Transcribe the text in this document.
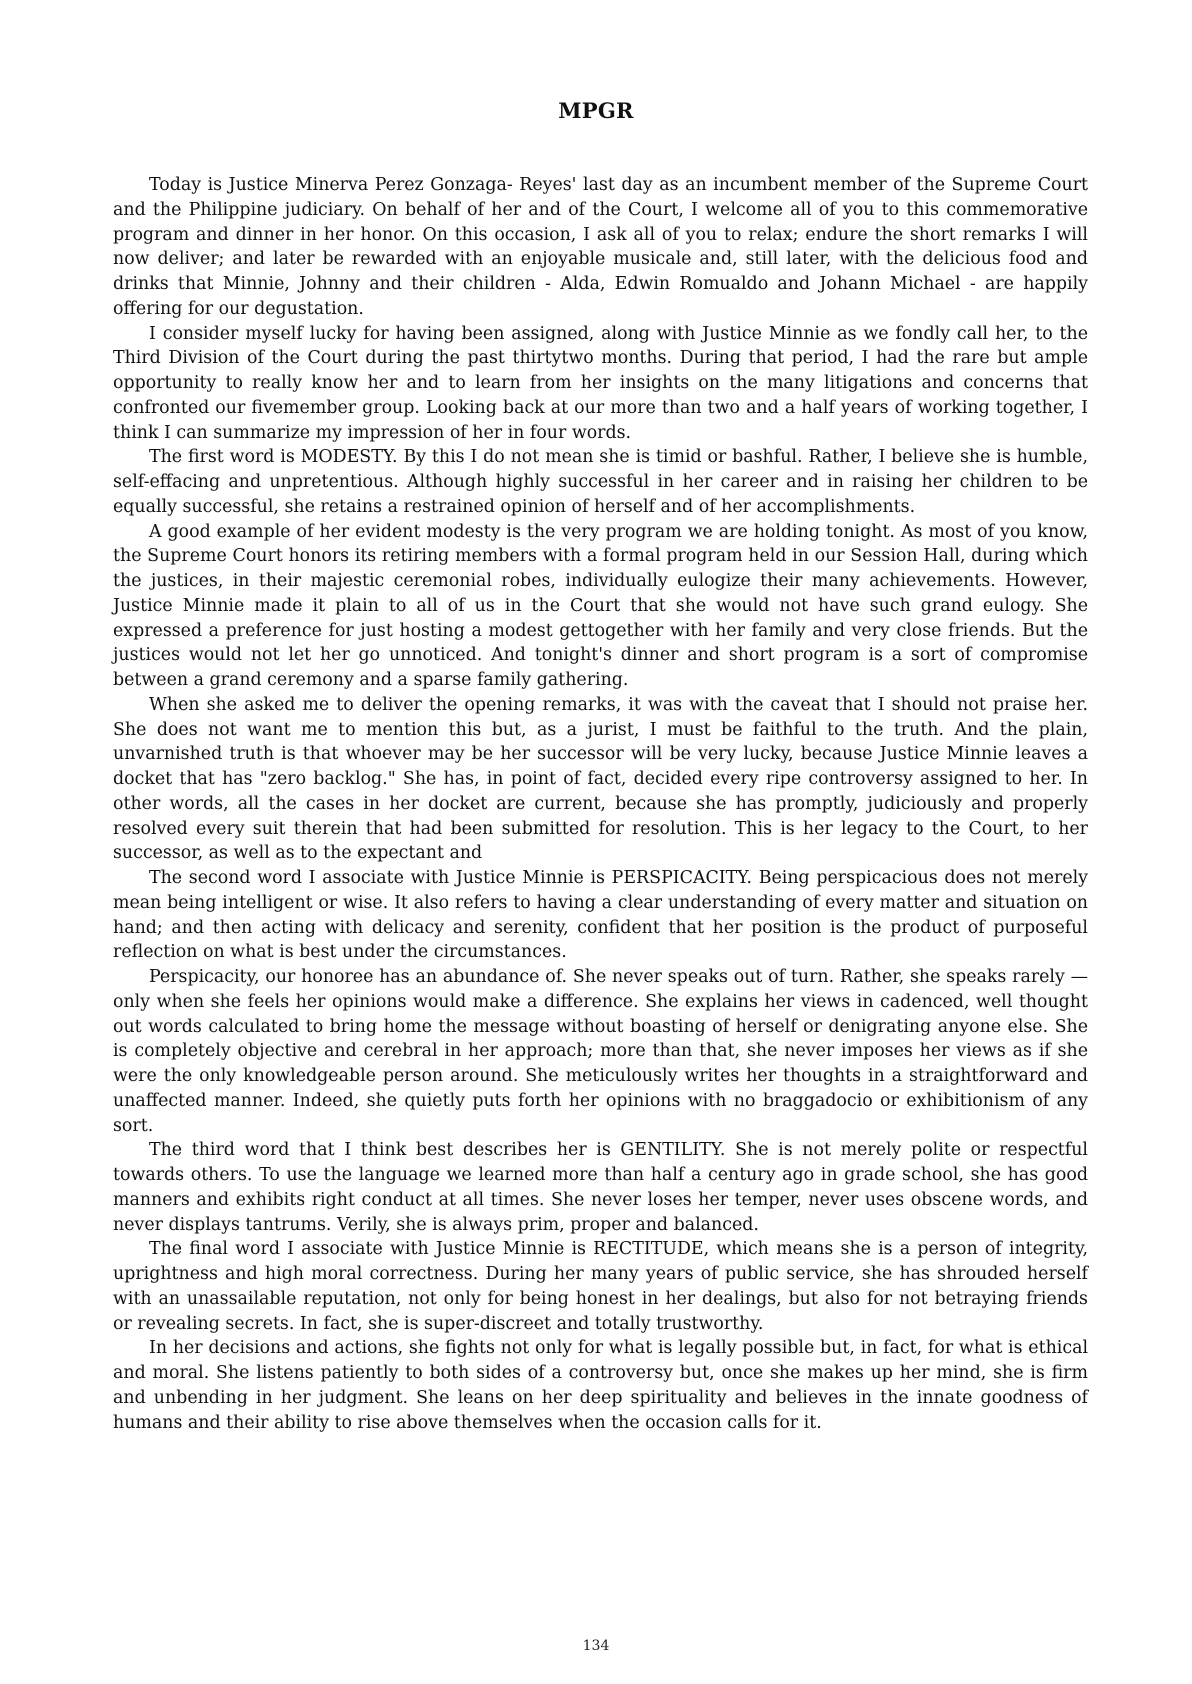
MPGR

Today is Justice Minerva Perez Gonzaga- Reyes' last day as an incumbent member of the Supreme Court and the Philippine judiciary. On behalf of her and of the Court, I welcome all of you to this commemorative program and dinner in her honor. On this occasion, I ask all of you to relax; endure the short remarks I will now deliver; and later be rewarded with an enjoyable musicale and, still later, with the delicious food and drinks that Minnie, Johnny and their children - Alda, Edwin Romualdo and Johann Michael - are happily offering for our degustation.

I consider myself lucky for having been assigned, along with Justice Minnie as we fondly call her, to the Third Division of the Court during the past thirtytwo months. During that period, I had the rare but ample opportunity to really know her and to learn from her insights on the many litigations and concerns that confronted our fivemember group. Looking back at our more than two and a half years of working together, I think I can summarize my impression of her in four words.

The first word is MODESTY. By this I do not mean she is timid or bashful. Rather, I believe she is humble, self-effacing and unpretentious. Although highly successful in her career and in raising her children to be equally successful, she retains a restrained opinion of herself and of her accomplishments.

A good example of her evident modesty is the very program we are holding tonight. As most of you know, the Supreme Court honors its retiring members with a formal program held in our Session Hall, during which the justices, in their majestic ceremonial robes, individually eulogize their many achievements. However, Justice Minnie made it plain to all of us in the Court that she would not have such grand eulogy. She expressed a preference for just hosting a modest gettogether with her family and very close friends. But the justices would not let her go unnoticed. And tonight's dinner and short program is a sort of compromise between a grand ceremony and a sparse family gathering.

When she asked me to deliver the opening remarks, it was with the caveat that I should not praise her. She does not want me to mention this but, as a jurist, I must be faithful to the truth. And the plain, unvarnished truth is that whoever may be her successor will be very lucky, because Justice Minnie leaves a docket that has "zero backlog." She has, in point of fact, decided every ripe controversy assigned to her. In other words, all the cases in her docket are current, because she has promptly, judiciously and properly resolved every suit therein that had been submitted for resolution. This is her legacy to the Court, to her successor, as well as to the expectant and

The second word I associate with Justice Minnie is PERSPICACITY. Being perspicacious does not merely mean being intelligent or wise. It also refers to having a clear understanding of every matter and situation on hand; and then acting with delicacy and serenity, confident that her position is the product of purposeful reflection on what is best under the circumstances.

Perspicacity, our honoree has an abundance of. She never speaks out of turn. Rather, she speaks rarely — only when she feels her opinions would make a difference. She explains her views in cadenced, well thought out words calculated to bring home the message without boasting of herself or denigrating anyone else. She is completely objective and cerebral in her approach; more than that, she never imposes her views as if she were the only knowledgeable person around. She meticulously writes her thoughts in a straightforward and unaffected manner. Indeed, she quietly puts forth her opinions with no braggadocio or exhibitionism of any sort.

The third word that I think best describes her is GENTILITY. She is not merely polite or respectful towards others. To use the language we learned more than half a century ago in grade school, she has good manners and exhibits right conduct at all times. She never loses her temper, never uses obscene words, and never displays tantrums. Verily, she is always prim, proper and balanced.

The final word I associate with Justice Minnie is RECTITUDE, which means she is a person of integrity, uprightness and high moral correctness. During her many years of public service, she has shrouded herself with an unassailable reputation, not only for being honest in her dealings, but also for not betraying friends or revealing secrets. In fact, she is super-discreet and totally trustworthy.

In her decisions and actions, she fights not only for what is legally possible but, in fact, for what is ethical and moral. She listens patiently to both sides of a controversy but, once she makes up her mind, she is firm and unbending in her judgment. She leans on her deep spirituality and believes in the innate goodness of humans and their ability to rise above themselves when the occasion calls for it.

134
